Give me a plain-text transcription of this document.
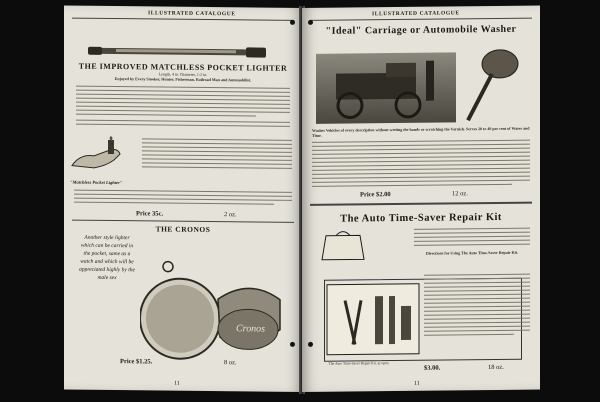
ILLUSTRATED CATALOGUE
THE IMPROVED MATCHLESS POCKET LIGHTER
Length, 4 in. Diameter, 1-2 in.
Enjoyed by Every Smoker, Hunter, Fisherman, Railroad Man and Automobilist.
"Matchless Pocket Lighter"
Price 35c.	2 oz.
THE CRONOS
Another style lighter which can be carried in the pocket, same as a watch and which will be appreciated highly by the male sex
Cronos
Price $1.25.	8 oz.
11
ILLUSTRATED CATALOGUE
"Ideal" Carriage or Automobile Washer
Washes Vehicles of every description without wetting the hands or scratching the Varnish. Serves 20 to 40 per cent of Water and Time.
Price $2.00	12 oz.
The Auto Time-Saver Repair Kit
Directions for Using The Auto Time-Saver Repair Kit.
The Auto Time-Saver Repair Kit, as open.
$3.00.	18 oz.
11
